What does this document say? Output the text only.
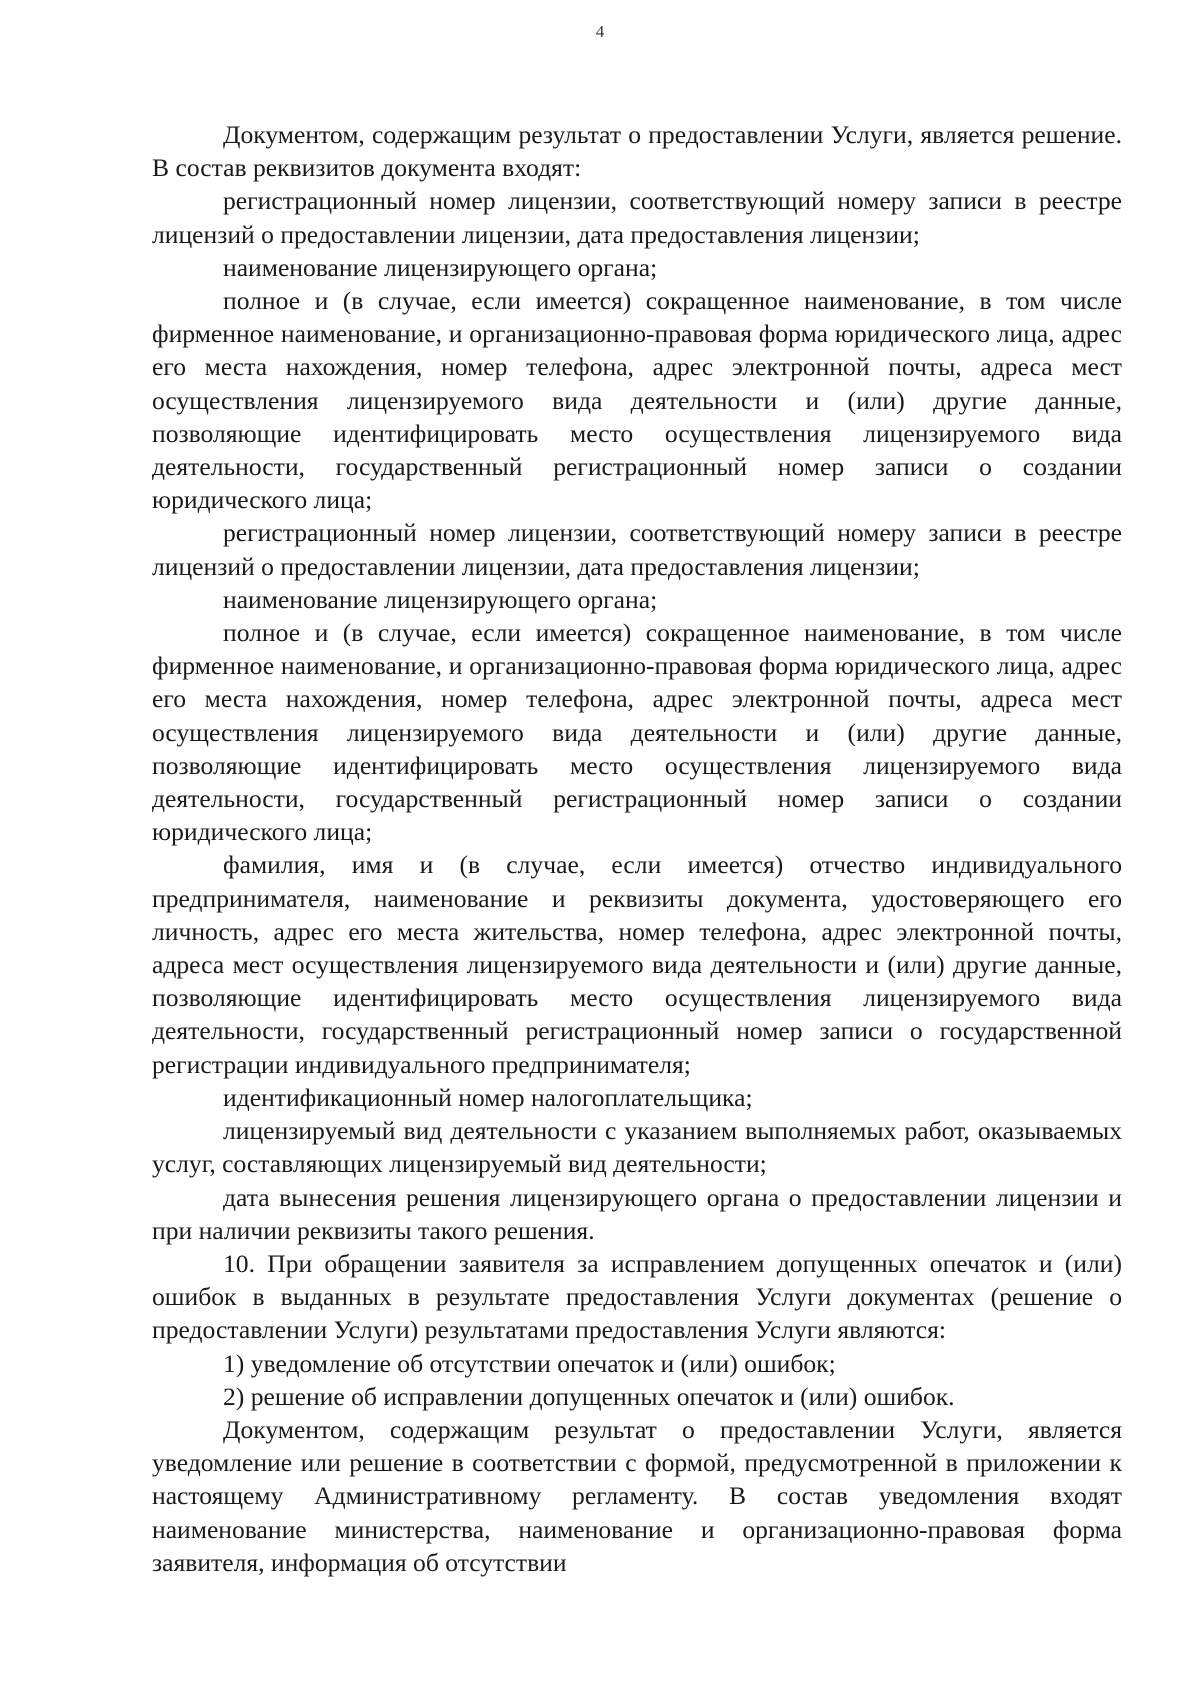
4

Документом, содержащим результат о предоставлении Услуги, является решение. В состав реквизитов документа входят:

регистрационный номер лицензии, соответствующий номеру записи в реестре лицензий о предоставлении лицензии, дата предоставления лицензии;

наименование лицензирующего органа;

полное и (в случае, если имеется) сокращенное наименование, в том числе фирменное наименование, и организационно-правовая форма юридического лица, адрес его места нахождения, номер телефона, адрес электронной почты, адреса мест осуществления лицензируемого вида деятельности и (или) другие данные, позволяющие идентифицировать место осуществления лицензируемого вида деятельности, государственный регистрационный номер записи о создании юридического лица;

регистрационный номер лицензии, соответствующий номеру записи в реестре лицензий о предоставлении лицензии, дата предоставления лицензии;

наименование лицензирующего органа;

полное и (в случае, если имеется) сокращенное наименование, в том числе фирменное наименование, и организационно-правовая форма юридического лица, адрес его места нахождения, номер телефона, адрес электронной почты, адреса мест осуществления лицензируемого вида деятельности и (или) другие данные, позволяющие идентифицировать место осуществления лицензируемого вида деятельности, государственный регистрационный номер записи о создании юридического лица;

фамилия, имя и (в случае, если имеется) отчество индивидуального предпринимателя, наименование и реквизиты документа, удостоверяющего его личность, адрес его места жительства, номер телефона, адрес электронной почты, адреса мест осуществления лицензируемого вида деятельности и (или) другие данные, позволяющие идентифицировать место осуществления лицензируемого вида деятельности, государственный регистрационный номер записи о государственной регистрации индивидуального предпринимателя;

идентификационный номер налогоплательщика;

лицензируемый вид деятельности с указанием выполняемых работ, оказываемых услуг, составляющих лицензируемый вид деятельности;

дата вынесения решения лицензирующего органа о предоставлении лицензии и при наличии реквизиты такого решения.

10. При обращении заявителя за исправлением допущенных опечаток и (или) ошибок в выданных в результате предоставления Услуги документах (решение о предоставлении Услуги) результатами предоставления Услуги являются:

1) уведомление об отсутствии опечаток и (или) ошибок;

2) решение об исправлении допущенных опечаток и (или) ошибок.

Документом, содержащим результат о предоставлении Услуги, является уведомление или решение в соответствии с формой, предусмотренной в приложении к настоящему Административному регламенту. В состав уведомления входят наименование министерства, наименование и организационно-правовая форма заявителя, информация об отсутствии
